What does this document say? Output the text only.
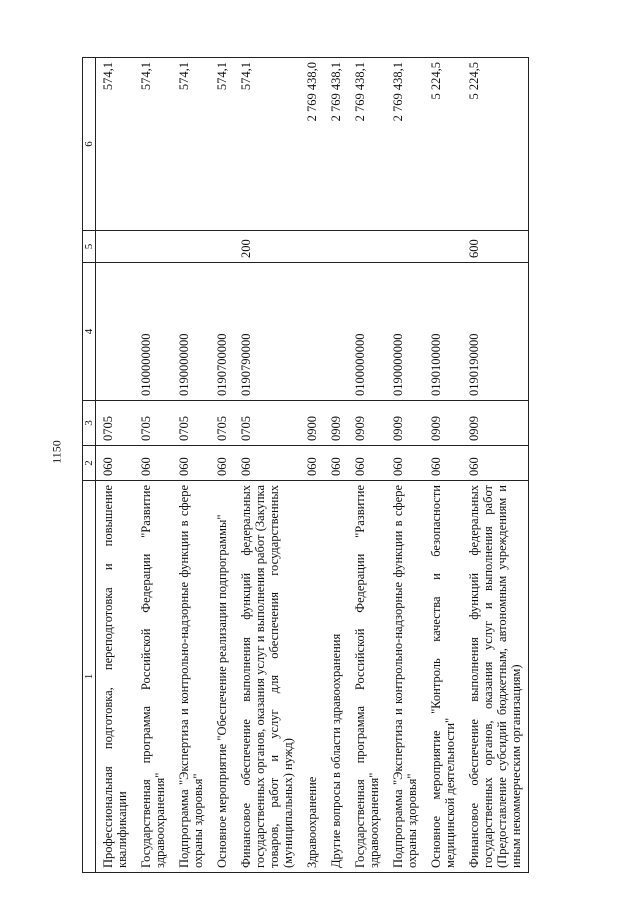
1150
1	2	3	4	5	6
Профессиональная подготовка, переподготовка и повышение квалификации	060	0705			574,1
Государственная программа Российской Федерации "Развитие здравоохранения"	060	0705	0100000000		574,1
Подпрограмма "Экспертиза и контрольно-надзорные функции в сфере охраны здоровья"	060	0705	0190000000		574,1
Основное мероприятие "Обеспечение реализации подпрограммы"	060	0705	0190700000		574,1
Финансовое обеспечение выполнения функций федеральных государственных органов, оказания услуг и выполнения работ (Закупка товаров, работ и услуг для обеспечения государственных (муниципальных) нужд)	060	0705	0190790000	200	574,1
Здравоохранение	060	0900			2 769 438,0
Другие вопросы в области здравоохранения	060	0909			2 769 438,1
Государственная программа Российской Федерации "Развитие здравоохранения"	060	0909	0100000000		2 769 438,1
Подпрограмма "Экспертиза и контрольно-надзорные функции в сфере охраны здоровья"	060	0909	0190000000		2 769 438,1
Основное мероприятие "Контроль качества и безопасности медицинской деятельности"	060	0909	0190100000		5 224,5
Финансовое обеспечение выполнения функций федеральных государственных органов, оказания услуг и выполнения работ (Предоставление субсидий бюджетным, автономным учреждениям и иным некоммерческим организациям)	060	0909	0190190000	600	5 224,5
